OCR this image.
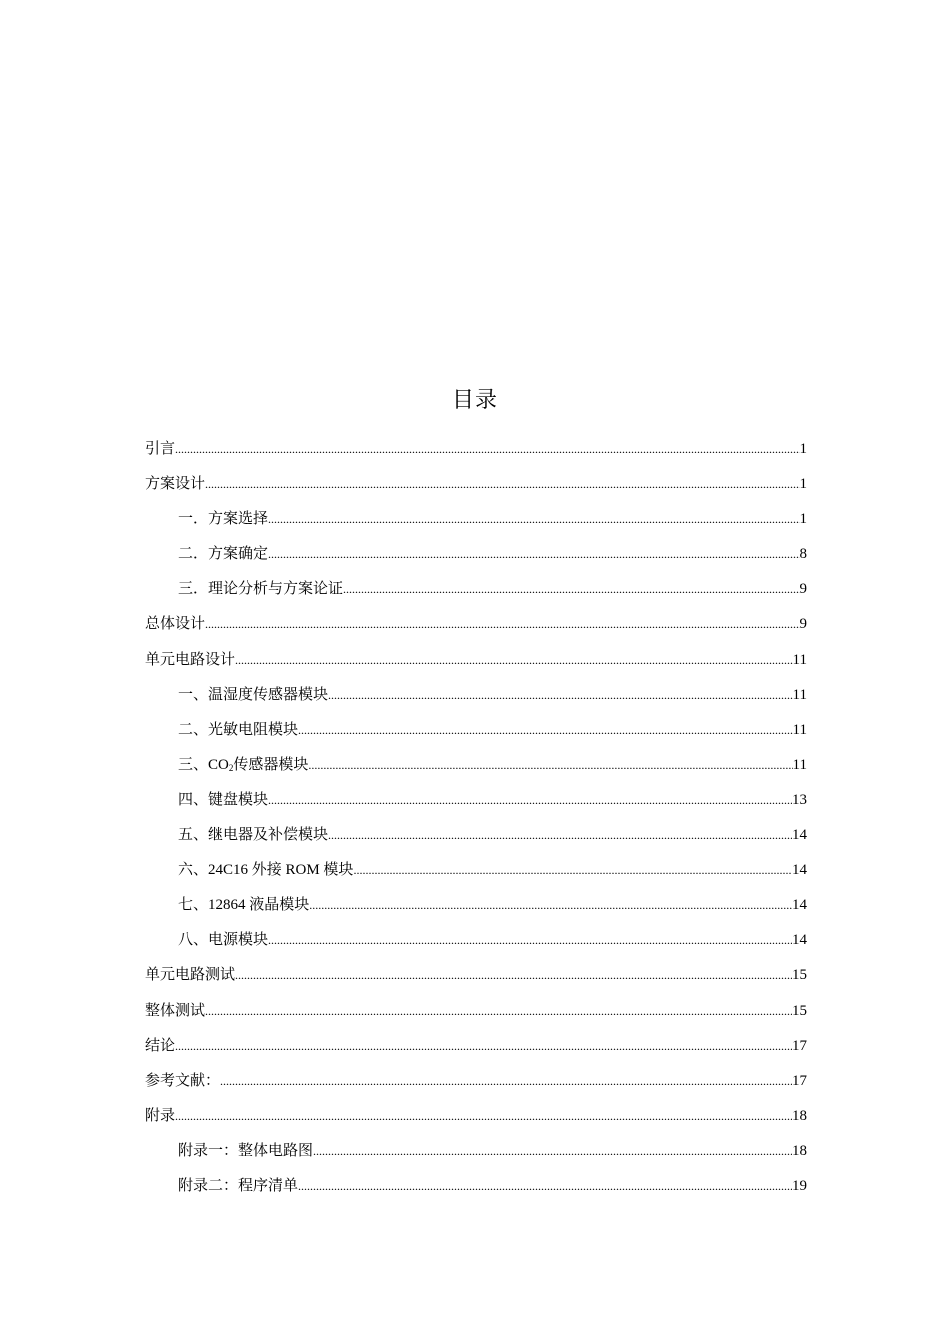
目录
引言 .....	1
方案设计 .....	1
一．方案选择 .....	1
二．方案确定 .....	8
三．理论分析与方案论证 .....	9
总体设计 .....	9
单元电路设计 .....	11
一、温湿度传感器模块 .....	11
二、光敏电阻模块 .....	11
三、$CO_2$传感器模块 .....	11
四、键盘模块 .....	13
五、继电器及补偿模块 .....	14
六、24C16 外接 ROM 模块 .....	14
七、12864 液晶模块 .....	14
八、电源模块 .....	14
单元电路测试 .....	15
整体测试 .....	15
结论 .....	17
参考文献： .....	17
附录 .....	18
附录一：整体电路图 .....	18
附录二：程序清单 .....	19
